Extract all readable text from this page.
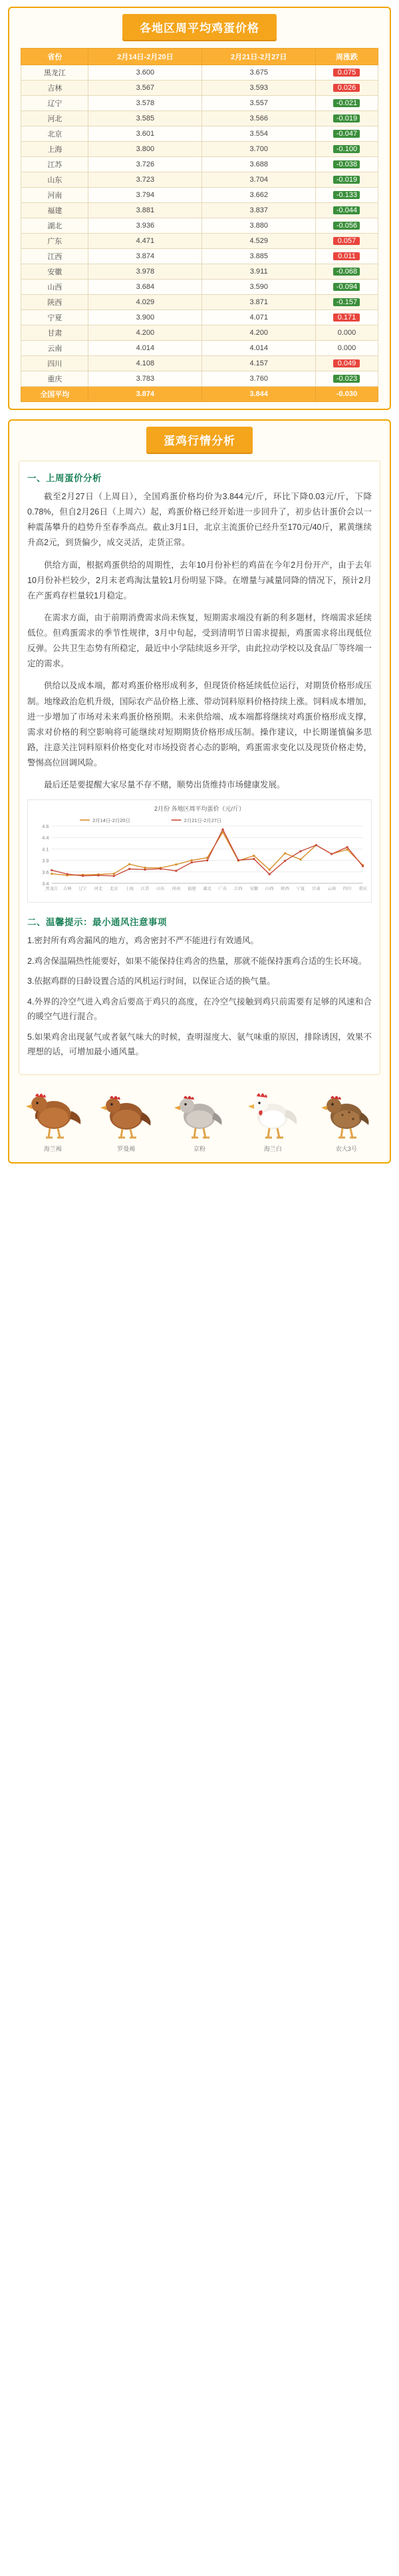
各地区周平均鸡蛋价格
省份	2月14日-2月20日	2月21日-2月27日	周涨跌
黑龙江	3.600	3.675	0.075
吉林	3.567	3.593	0.026
辽宁	3.578	3.557	-0.021
河北	3.585	3.566	-0.019
北京	3.601	3.554	-0.047
上海	3.800	3.700	-0.100
江苏	3.726	3.688	-0.038
山东	3.723	3.704	-0.019
河南	3.794	3.662	-0.133
福建	3.881	3.837	-0.044
湖北	3.936	3.880	-0.056
广东	4.471	4.529	0.057
江西	3.874	3.885	0.011
安徽	3.978	3.911	-0.068
山西	3.684	3.590	-0.094
陕西	4.029	3.871	-0.157
宁夏	3.900	4.071	0.171
甘肃	4.200	4.200	0.000
云南	4.014	4.014	0.000
四川	4.108	4.157	0.049
重庆	3.783	3.760	-0.023
全国平均	3.874	3.844	-0.030
蛋鸡行情分析
一、上周蛋价分析

截至2月27日（上周日），全国鸡蛋价格均价为3.844元/斤，环比下降0.03元/斤，下降0.78%，但自2月26日（上周六）起，鸡蛋价格已经开始进一步回升了，初步估计蛋价会以一种震荡攀升的趋势升至春季高点。截止3月1日，北京主流蛋价已经升至170元/40斤，累黄继续升高2元，到货偏少，成交灵活，走货正常。

供给方面，根据鸡蛋供给的周期性，去年10月份补栏的鸡苗在今年2月份开产，由于去年10月份补栏较少，2月末老鸡淘汰量较1月份明显下降。在增量与减量同降的情况下，预计2月在产蛋鸡存栏量较1月稳定。

在需求方面，由于前期消费需求尚未恢复，短期需求端没有新的利多题材，终端需求延续低位。但鸡蛋需求的季节性规律，3月中旬起，受到清明节日需求提振，鸡蛋需求将出现低位反弹。公共卫生态势有所稳定，最近中小学陆续返乡开学，由此拉动学校以及食品厂等终端一定的需求。

供给以及成本端，都对鸡蛋价格形成利多，但现货价格延续低位运行，对期货价格形成压制。地缘政治危机升级，国际农产品价格上涨、带动饲料原料价格持续上涨。饲料成本增加，进一步增加了市场对未来鸡蛋价格预期。未来供给端、成本端都将继续对鸡蛋价格形成支撑，需求对价格的利空影响将可能继续对短期期货价格形成压制。操作建议，中长期谨慎偏多思路，注意关注饲料原料价格变化对市场投资者心态的影响，鸡蛋需求变化以及现货价格走势，警惕高位回调风险。

最后还是要提醒大家尽量不存不赌，顺势出货维持市场健康发展。

2月份 各地区周平均蛋价（元/斤）
3.4
3.6
3.9
4.1
4.4
4.6
黑龙江 吉林 辽宁 河北 北京 上海 江苏 山东 河南 福建 湖北 广东 江西 安徽 山西 陕西 宁夏 甘肃 云南 四川 重庆
2月14日-2月20日	2月21日-2月27日
二、温馨提示：最小通风注意事项

1.密封所有鸡舍漏风的地方，鸡舍密封不严不能进行有效通风。

2.鸡舍保温隔热性能要好，如果不能保持住鸡舍的热量，那就不能保持蛋鸡合适的生长环境。

3.依据鸡群的日龄设置合适的风机运行时间，以保证合适的换气量。

4.外界的冷空气进入鸡舍后要高于鸡只的高度，在冷空气接触到鸡只前需要有足够的风速和合的暖空气进行混合。

5.如果鸡舍出现氨气或者氨气味大的时候，查明湿度大、氨气味重的原因，排除诱因，效果不理想的话，可增加最小通风量。

海兰褐	罗曼褐	京粉	海兰白	农大3号
